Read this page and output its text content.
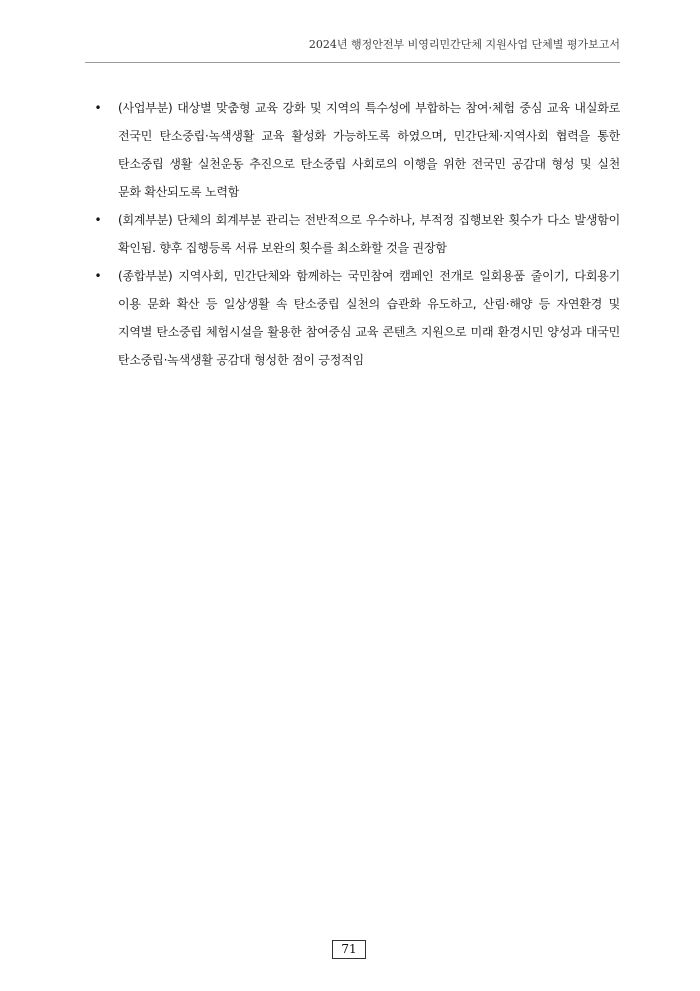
2024년 행정안전부 비영리민간단체 지원사업 단체별 평가보고서
• (사업부분) 대상별 맞춤형 교육 강화 및 지역의 특수성에 부합하는 참여·체험 중심 교육 내실화로 전국민 탄소중립·녹색생활 교육 활성화 가능하도록 하였으며, 민간단체·지역사회 협력을 통한 탄소중립 생활 실천운동 추진으로 탄소중립 사회로의 이행을 위한 전국민 공감대 형성 및 실천 문화 확산되도록 노력함
• (회계부분) 단체의 회계부분 관리는 전반적으로 우수하나, 부적정 집행보완 횟수가 다소 발생함이 확인됨. 향후 집행등록 서류 보완의 횟수를 최소화할 것을 권장함
• (종합부분) 지역사회, 민간단체와 함께하는 국민참여 캠페인 전개로 일회용품 줄이기, 다회용기 이용 문화 확산 등 일상생활 속 탄소중립 실천의 습관화 유도하고, 산림·해양 등 자연환경 및 지역별 탄소중립 체험시설을 활용한 참여중심 교육 콘텐츠 지원으로 미래 환경시민 양성과 대국민 탄소중립·녹색생활 공감대 형성한 점이 긍정적임
71
